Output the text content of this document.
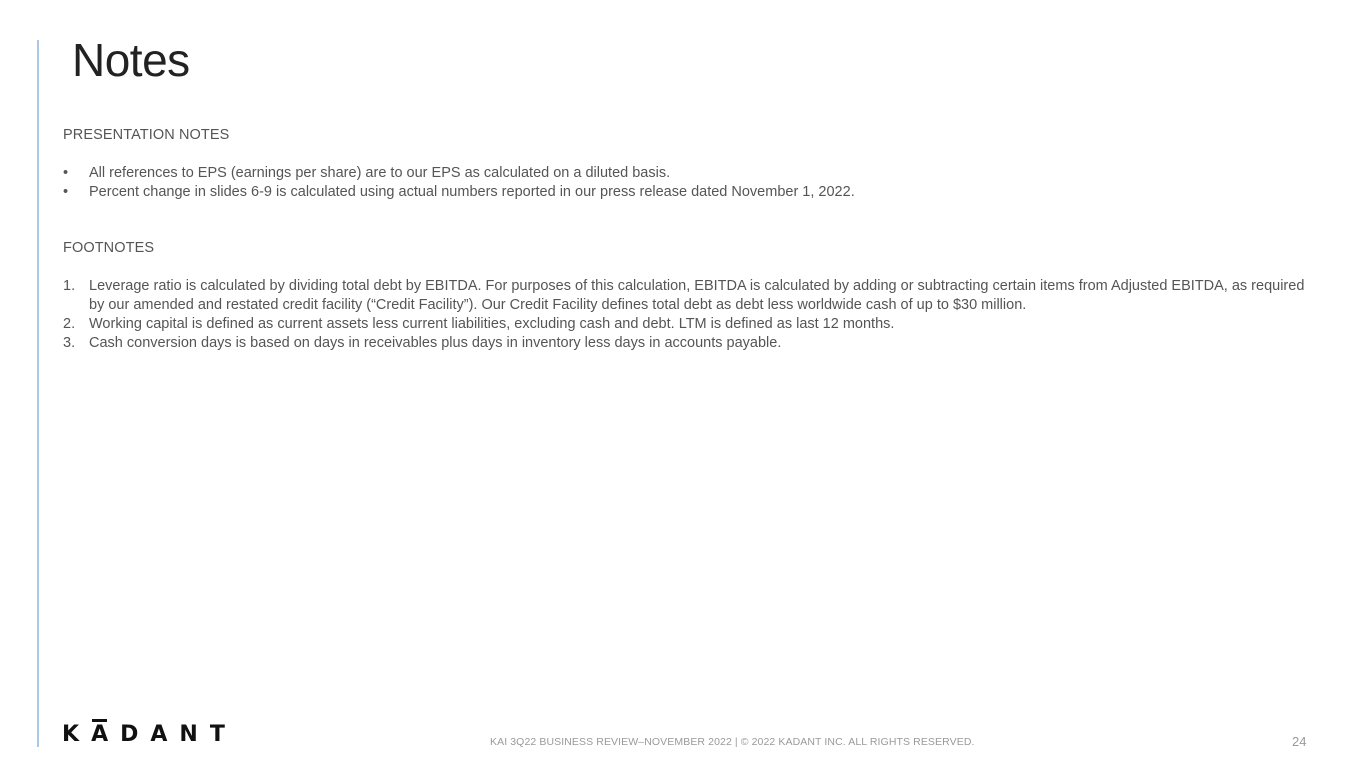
Notes
PRESENTATION NOTES
• All references to EPS (earnings per share) are to our EPS as calculated on a diluted basis.
• Percent change in slides 6-9 is calculated using actual numbers reported in our press release dated November 1, 2022.
FOOTNOTES
1. Leverage ratio is calculated by dividing total debt by EBITDA. For purposes of this calculation, EBITDA is calculated by adding or subtracting certain items from Adjusted EBITDA, as required by our amended and restated credit facility (“Credit Facility”). Our Credit Facility defines total debt as debt less worldwide cash of up to $30 million.
2. Working capital is defined as current assets less current liabilities, excluding cash and debt. LTM is defined as last 12 months.
3. Cash conversion days is based on days in receivables plus days in inventory less days in accounts payable.
K A D A N T	KAI 3Q22 BUSINESS REVIEW–NOVEMBER 2022 | © 2022 KADANT INC. ALL RIGHTS RESERVED.	24
